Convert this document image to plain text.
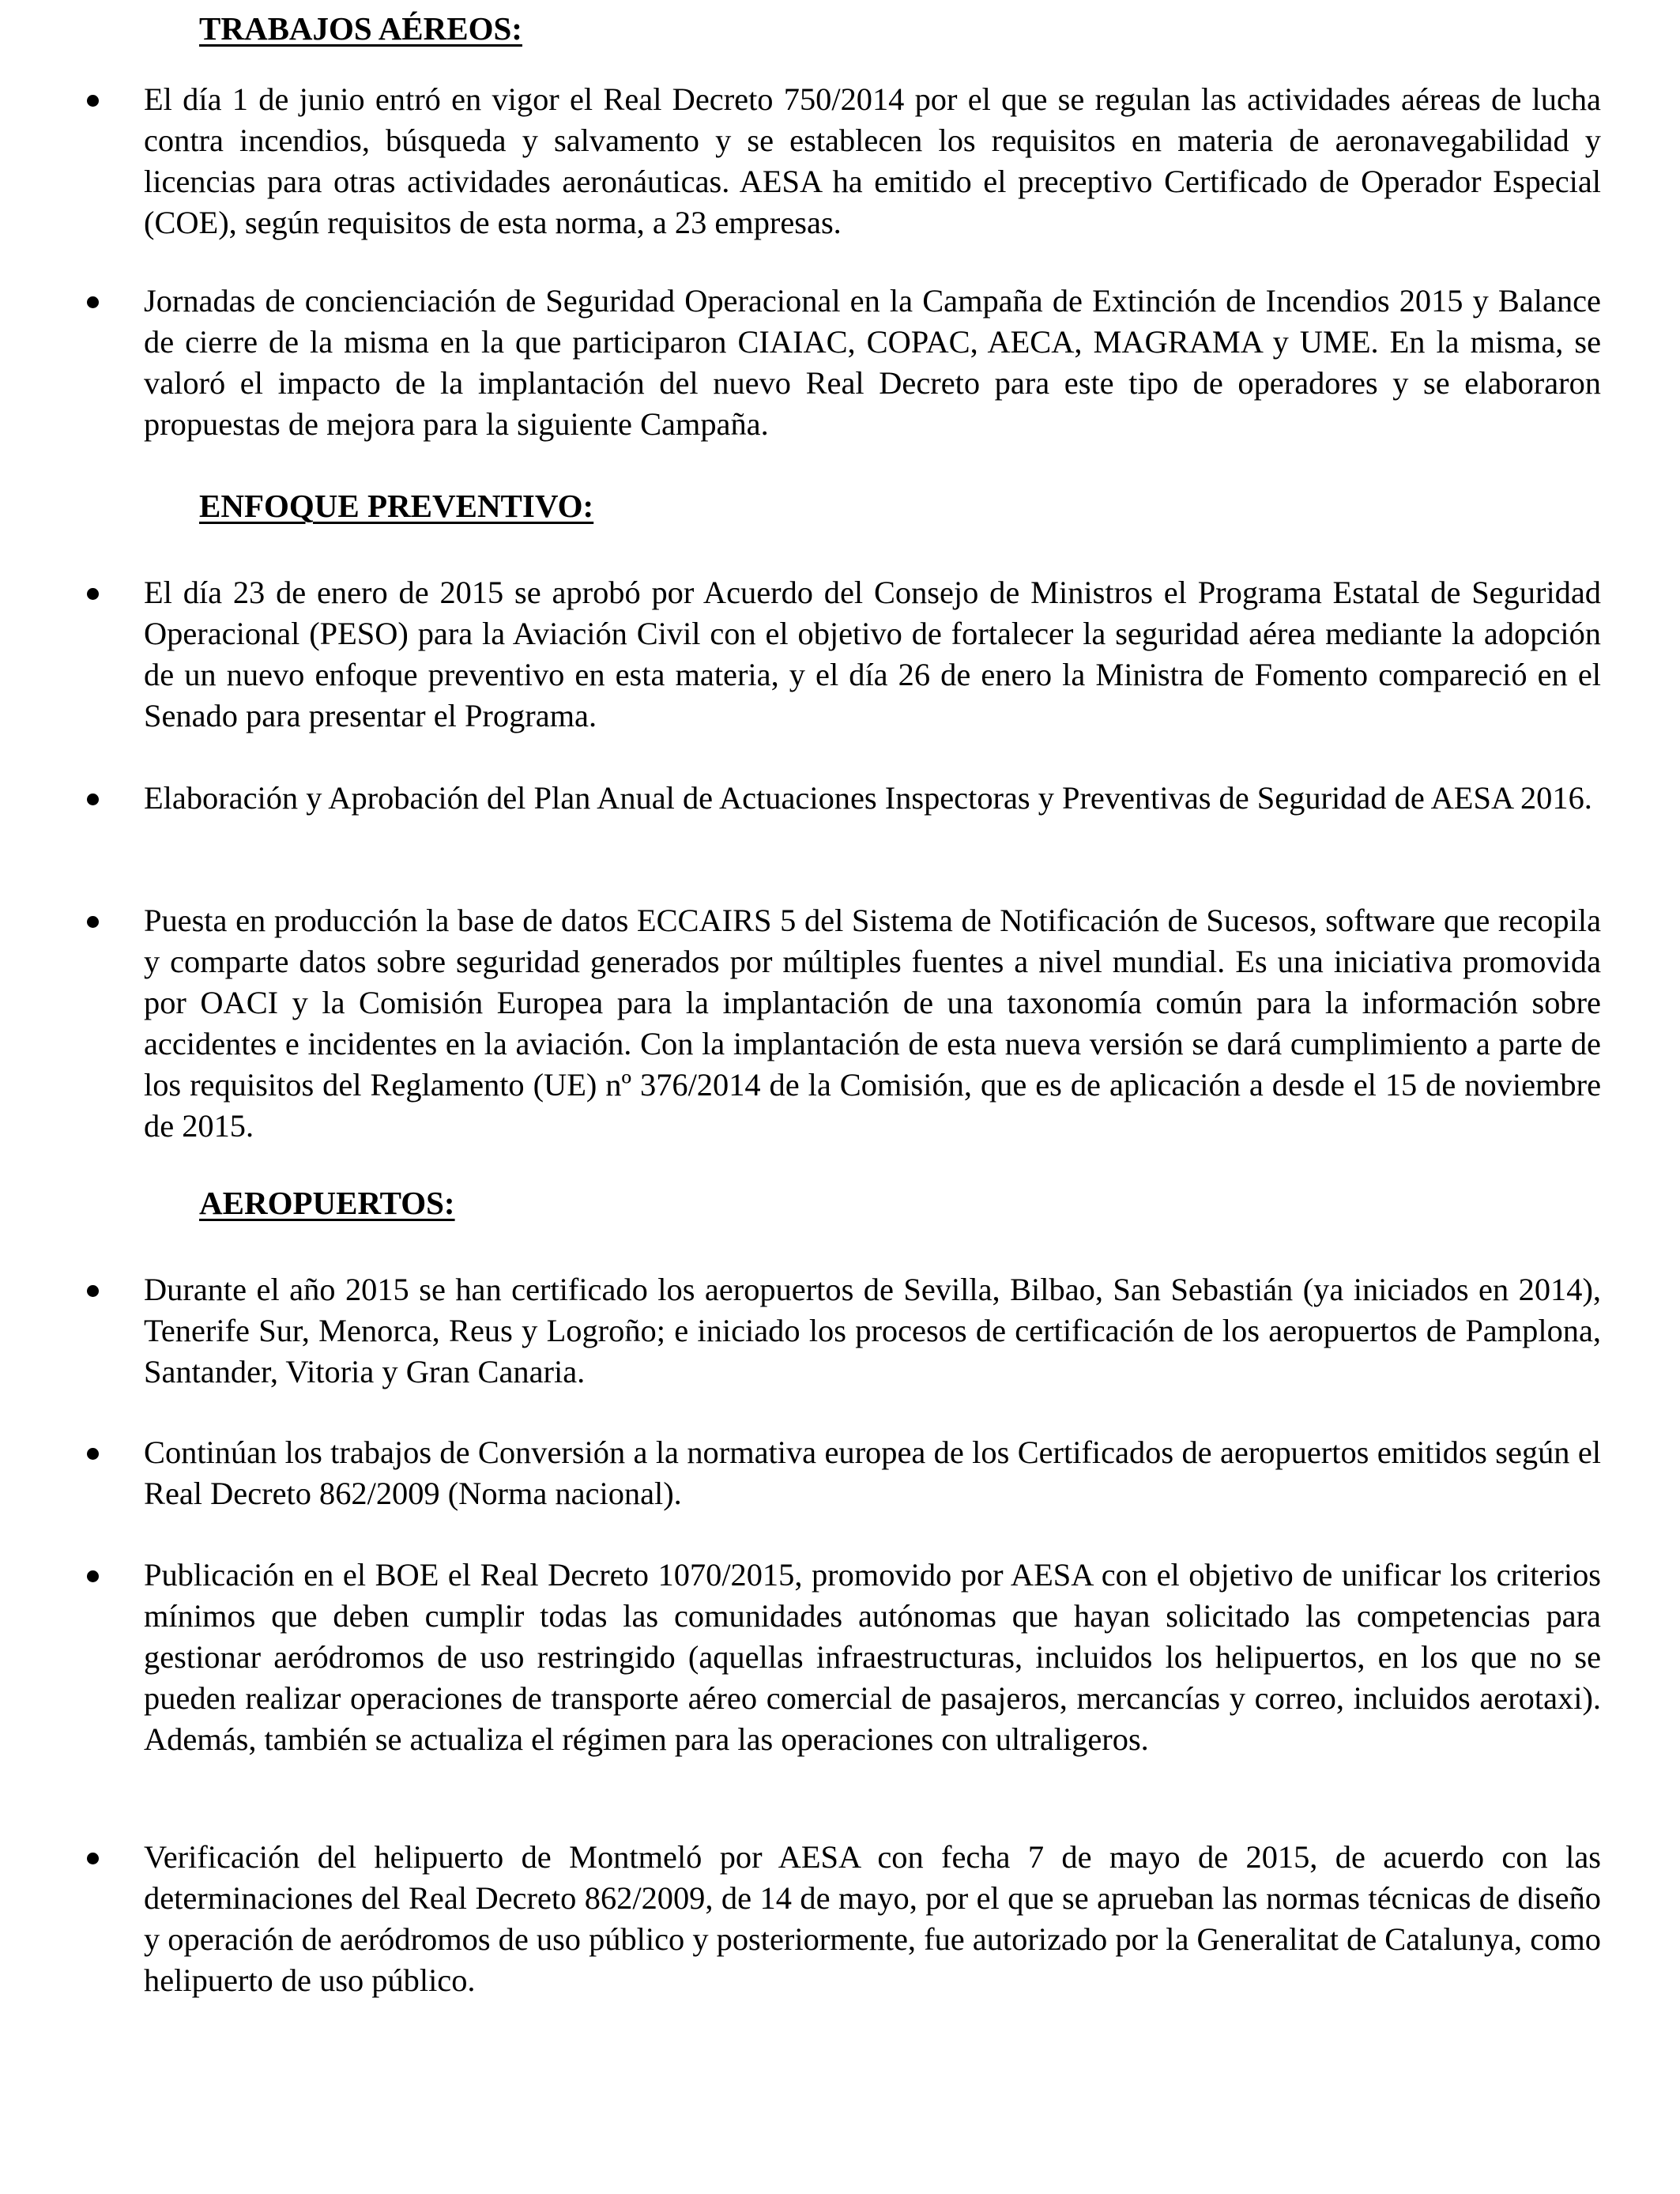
TRABAJOS AÉREOS:

El día 1 de junio entró en vigor el Real Decreto 750/2014 por el que se regulan las actividades aéreas de lucha contra incendios, búsqueda y salvamento y se establecen los requisitos en materia de aeronavegabilidad y licencias para otras actividades aeronáuticas. AESA ha emitido el preceptivo Certificado de Operador Especial (COE), según requisitos de esta norma, a 23 empresas.

Jornadas de concienciación de Seguridad Operacional en la Campaña de Extinción de Incendios 2015 y Balance de cierre de la misma en la que participaron CIAIAC, COPAC, AECA, MAGRAMA y UME. En la misma, se valoró el impacto de la implantación del nuevo Real Decreto para este tipo de operadores y se elaboraron propuestas de mejora para la siguiente Campaña.

ENFOQUE PREVENTIVO:

El día 23 de enero de 2015 se aprobó por Acuerdo del Consejo de Ministros el Programa Estatal de Seguridad Operacional (PESO) para la Aviación Civil con el objetivo de fortalecer la seguridad aérea mediante la adopción de un nuevo enfoque preventivo en esta materia, y el día 26 de enero la Ministra de Fomento compareció en el Senado para presentar el Programa.

Elaboración y Aprobación del Plan Anual de Actuaciones Inspectoras y Preventivas de Seguridad de AESA 2016.

Puesta en producción la base de datos ECCAIRS 5 del Sistema de Notificación de Sucesos, software que recopila y comparte datos sobre seguridad generados por múltiples fuentes a nivel mundial. Es una iniciativa promovida por OACI y la Comisión Europea para la implantación de una taxonomía común para la información sobre accidentes e incidentes en la aviación. Con la implantación de esta nueva versión se dará cumplimiento a parte de los requisitos del Reglamento (UE) nº 376/2014 de la Comisión, que es de aplicación a desde el 15 de noviembre de 2015.

AEROPUERTOS:

Durante el año 2015 se han certificado los aeropuertos de Sevilla, Bilbao, San Sebastián (ya iniciados en 2014), Tenerife Sur, Menorca, Reus y Logroño; e iniciado los procesos de certificación de los aeropuertos de Pamplona, Santander, Vitoria y Gran Canaria.

Continúan los trabajos de Conversión a la normativa europea de los Certificados de aeropuertos emitidos según el Real Decreto 862/2009 (Norma nacional).

Publicación en el BOE el Real Decreto 1070/2015, promovido por AESA con el objetivo de unificar los criterios mínimos que deben cumplir todas las comunidades autónomas que hayan solicitado las competencias para gestionar aeródromos de uso restringido (aquellas infraestructuras, incluidos los helipuertos, en los que no se pueden realizar operaciones de transporte aéreo comercial de pasajeros, mercancías y correo, incluidos aerotaxi). Además, también se actualiza el régimen para las operaciones con ultraligeros.

Verificación del helipuerto de Montmeló por AESA con fecha 7 de mayo de 2015, de acuerdo con las determinaciones del Real Decreto 862/2009, de 14 de mayo, por el que se aprueban las normas técnicas de diseño y operación de aeródromos de uso público y posteriormente, fue autorizado por la Generalitat de Catalunya, como helipuerto de uso público.
